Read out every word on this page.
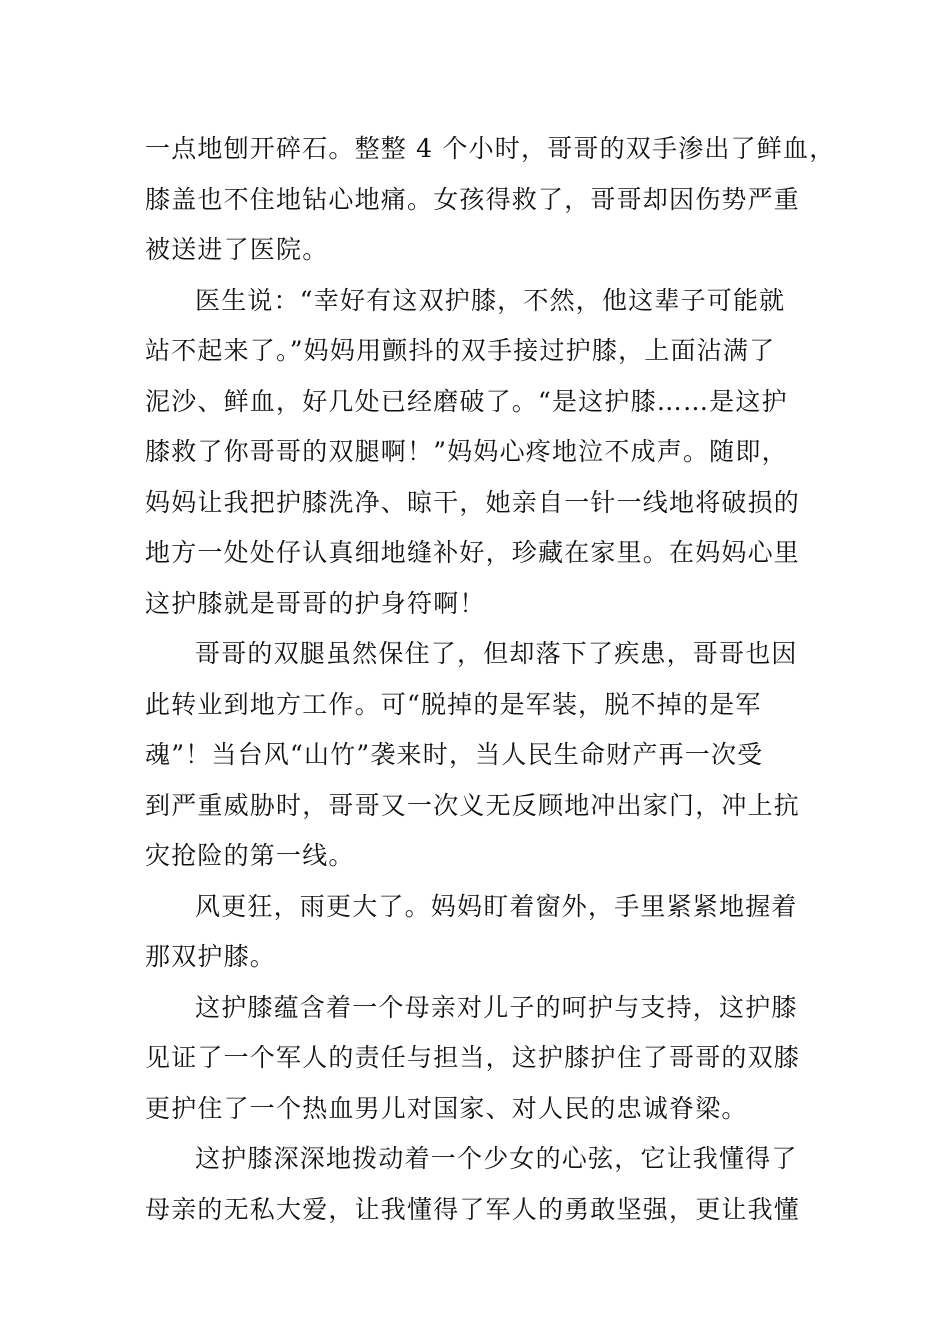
一点地刨开碎石。整整 4 个小时，哥哥的双手渗出了鲜血，
膝盖也不住地钻心地痛。女孩得救了，哥哥却因伤势严重
被送进了医院。
医生说：“幸好有这双护膝，不然，他这辈子可能就
站不起来了。”妈妈用颤抖的双手接过护膝，上面沾满了
泥沙、鲜血，好几处已经磨破了。“是这护膝……是这护
膝救了你哥哥的双腿啊！”妈妈心疼地泣不成声。随即，
妈妈让我把护膝洗净、晾干，她亲自一针一线地将破损的
地方一处处仔认真细地缝补好，珍藏在家里。在妈妈心里
这护膝就是哥哥的护身符啊！
哥哥的双腿虽然保住了，但却落下了疾患，哥哥也因
此转业到地方工作。可“脱掉的是军装，脱不掉的是军
魂”！当台风“山竹”袭来时，当人民生命财产再一次受
到严重威胁时，哥哥又一次义无反顾地冲出家门，冲上抗
灾抢险的第一线。
风更狂，雨更大了。妈妈盯着窗外，手里紧紧地握着
那双护膝。
这护膝蕴含着一个母亲对儿子的呵护与支持，这护膝
见证了一个军人的责任与担当，这护膝护住了哥哥的双膝
更护住了一个热血男儿对国家、对人民的忠诚脊梁。
这护膝深深地拨动着一个少女的心弦，它让我懂得了
母亲的无私大爱，让我懂得了军人的勇敢坚强，更让我懂
